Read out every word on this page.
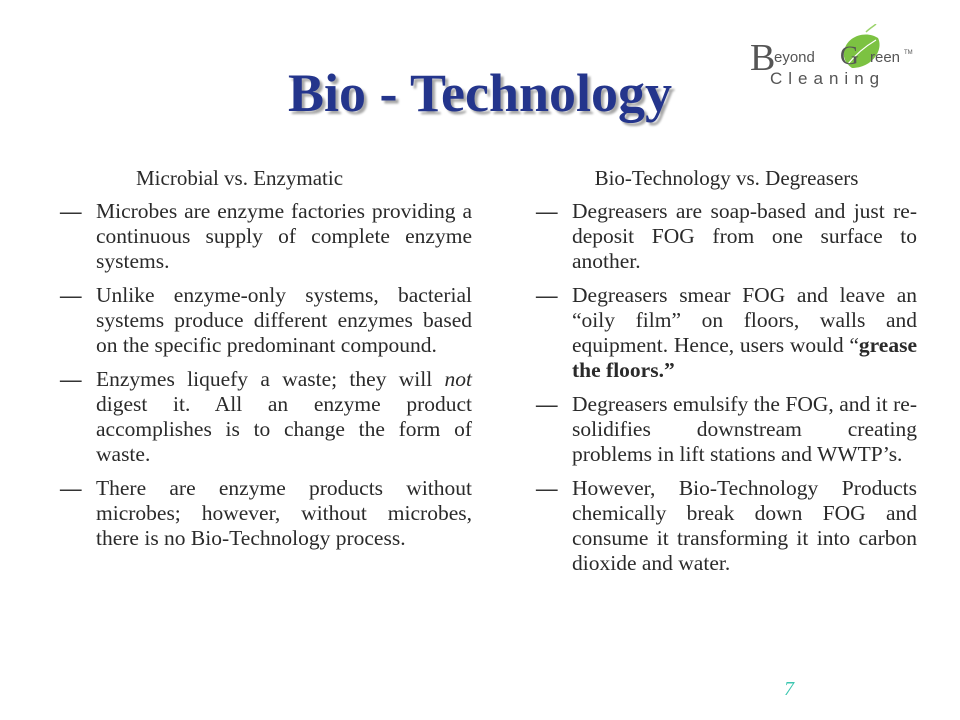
Bio - Technology
B
eyond G reen TM
Cleaning

Microbial vs. Enzymatic

— Microbes are enzyme factories providing a continuous supply of complete enzyme systems.
— Unlike enzyme-only systems, bacterial systems produce different enzymes based on the specific predominant compound.
— Enzymes liquefy a waste; they will not digest it. All an enzyme product accomplishes is to change the form of waste.
— There are enzyme products without microbes; however, without microbes, there is no Bio-Technology process.

Bio-Technology vs. Degreasers

— Degreasers are soap-based and just re-deposit FOG from one surface to another.
— Degreasers smear FOG and leave an “oily film” on floors, walls and equipment. Hence, users would “grease the floors.”
— Degreasers emulsify the FOG, and it re-solidifies downstream creating problems in lift stations and WWTP’s.
— However, Bio-Technology Products chemically break down FOG and consume it transforming it into carbon dioxide and water.
7
